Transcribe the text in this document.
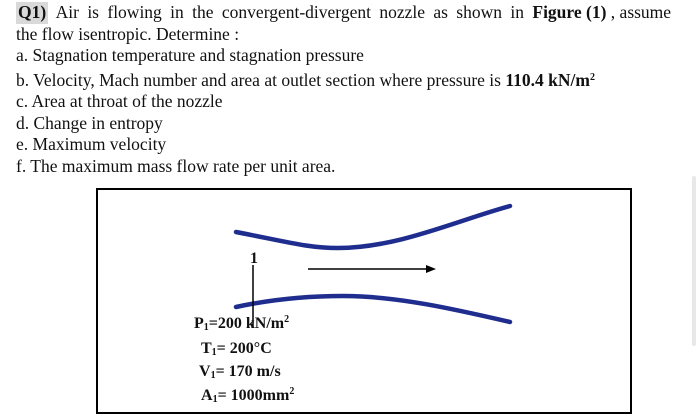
Q1) Air is flowing in the convergent-divergent nozzle as shown in Figure (1) , assume
the flow isentropic. Determine :
a. Stagnation temperature and stagnation pressure
b. Velocity, Mach number and area at outlet section where pressure is 110.4 $kN/m^2$
c. Area at throat of the nozzle
d. Change in entropy
e. Maximum velocity
f. The maximum mass flow rate per unit area.
1
$P_1=200$ $kN/m^2$
$T_1= 200^\circ C$
$V_1= 170$ m/s
$A_1= 1000mm^2$
